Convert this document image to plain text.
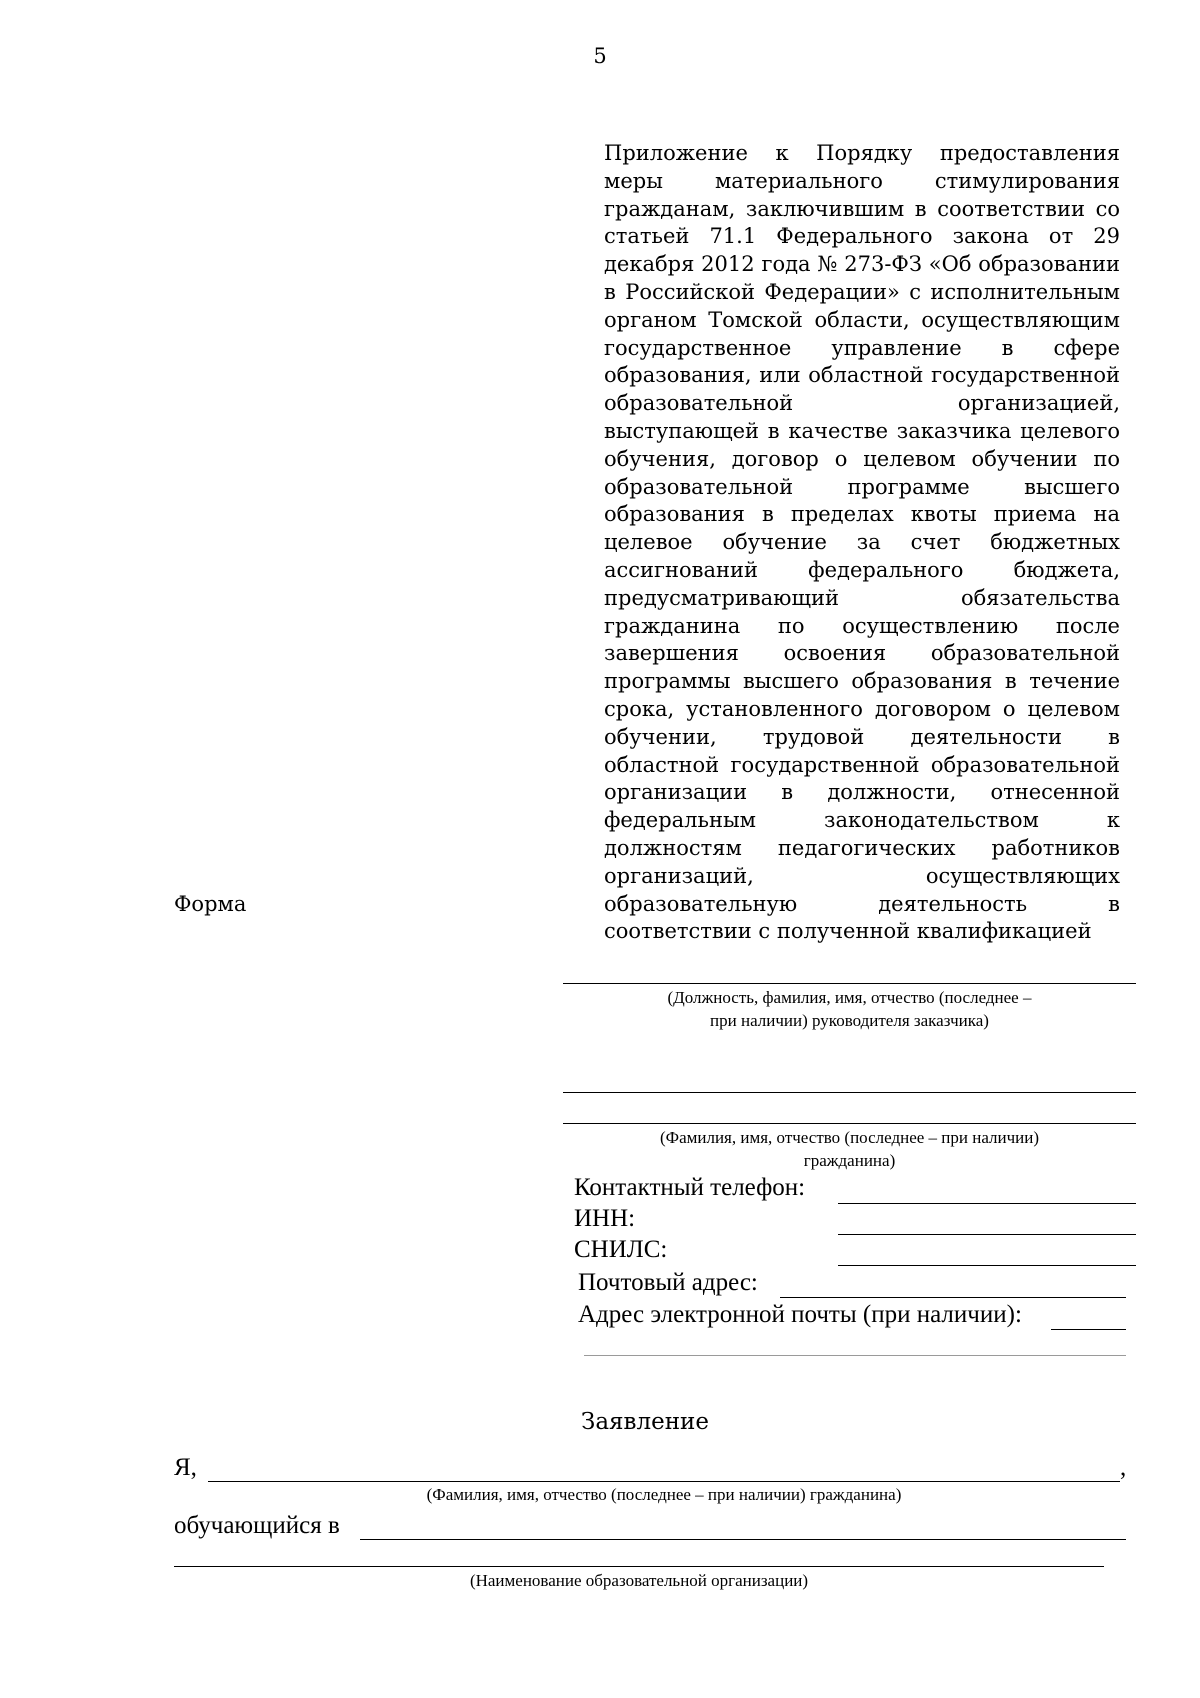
5
Приложение к Порядку предоставления меры материального стимулирования гражданам, заключившим в соответствии со статьей 71.1 Федерального закона от 29 декабря 2012 года № 273-ФЗ «Об образовании в Российской Федерации» с исполнительным органом Томской области, осуществляющим государственное управление в сфере образования, или областной государственной образовательной организацией, выступающей в качестве заказчика целевого обучения, договор о целевом обучении по образовательной программе высшего образования в пределах квоты приема на целевое обучение за счет бюджетных ассигнований федерального бюджета, предусматривающий обязательства гражданина по осуществлению после завершения освоения образовательной программы высшего образования в течение срока, установленного договором о целевом обучении, трудовой деятельности в областной государственной образовательной организации в должности, отнесенной федеральным законодательством к должностям педагогических работников организаций, осуществляющих образовательную деятельность в соответствии с полученной квалификацией
Форма
(Должность, фамилия, имя, отчество (последнее –
при наличии) руководителя заказчика)
(Фамилия, имя, отчество (последнее – при наличии)
гражданина)
Контактный телефон:
ИНН:
СНИЛС:
Почтовый адрес:
Адрес электронной почты (при наличии):
Заявление
Я,	,
(Фамилия, имя, отчество (последнее – при наличии) гражданина)
обучающийся в
(Наименование образовательной организации)
